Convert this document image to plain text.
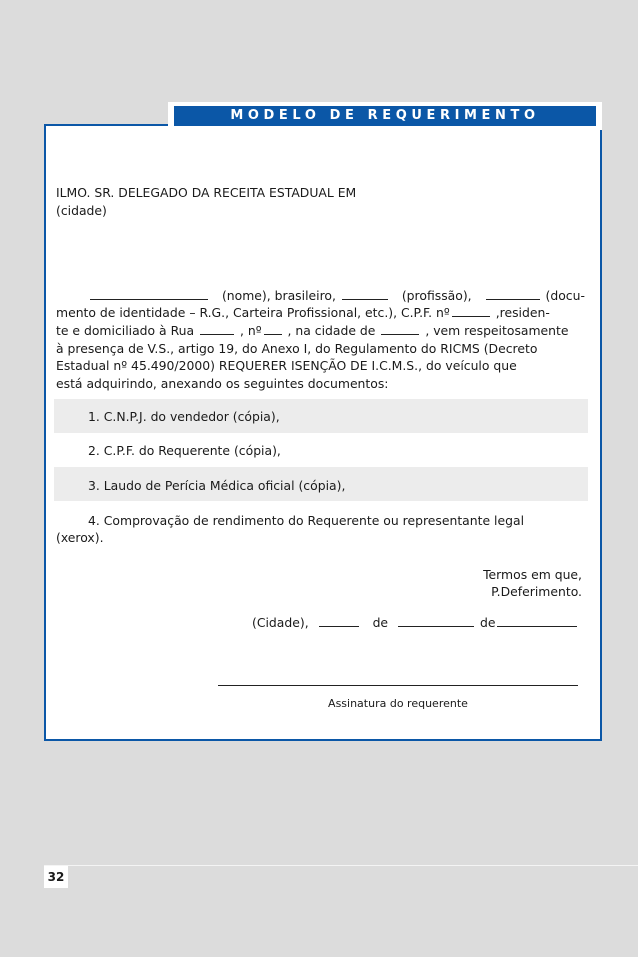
MODELO DE REQUERIMENTO
ILMO. SR. DELEGADO DA RECEITA ESTADUAL EM
(cidade)
(nome), brasileiro,	(profissão),	(docu-
mento de identidade – R.G., Carteira Profissional, etc.), C.P.F. nº	,residen-
te e domiciliado à Rua	, nº , na cidade de	, vem respeitosamente
à presença de V.S., artigo 19, do Anexo I, do Regulamento do RICMS (Decreto
Estadual nº 45.490/2000) REQUERER ISENÇÃO DE I.C.M.S., do veículo que
está adquirindo, anexando os seguintes documentos:
1. C.N.P.J. do vendedor (cópia),
2. C.P.F. do Requerente (cópia),
3. Laudo de Perícia Médica oficial (cópia),
4. Comprovação de rendimento do Requerente ou representante legal
(xerox).
Termos em que,
P.Deferimento.
(Cidade),	de	de
Assinatura do requerente
32
